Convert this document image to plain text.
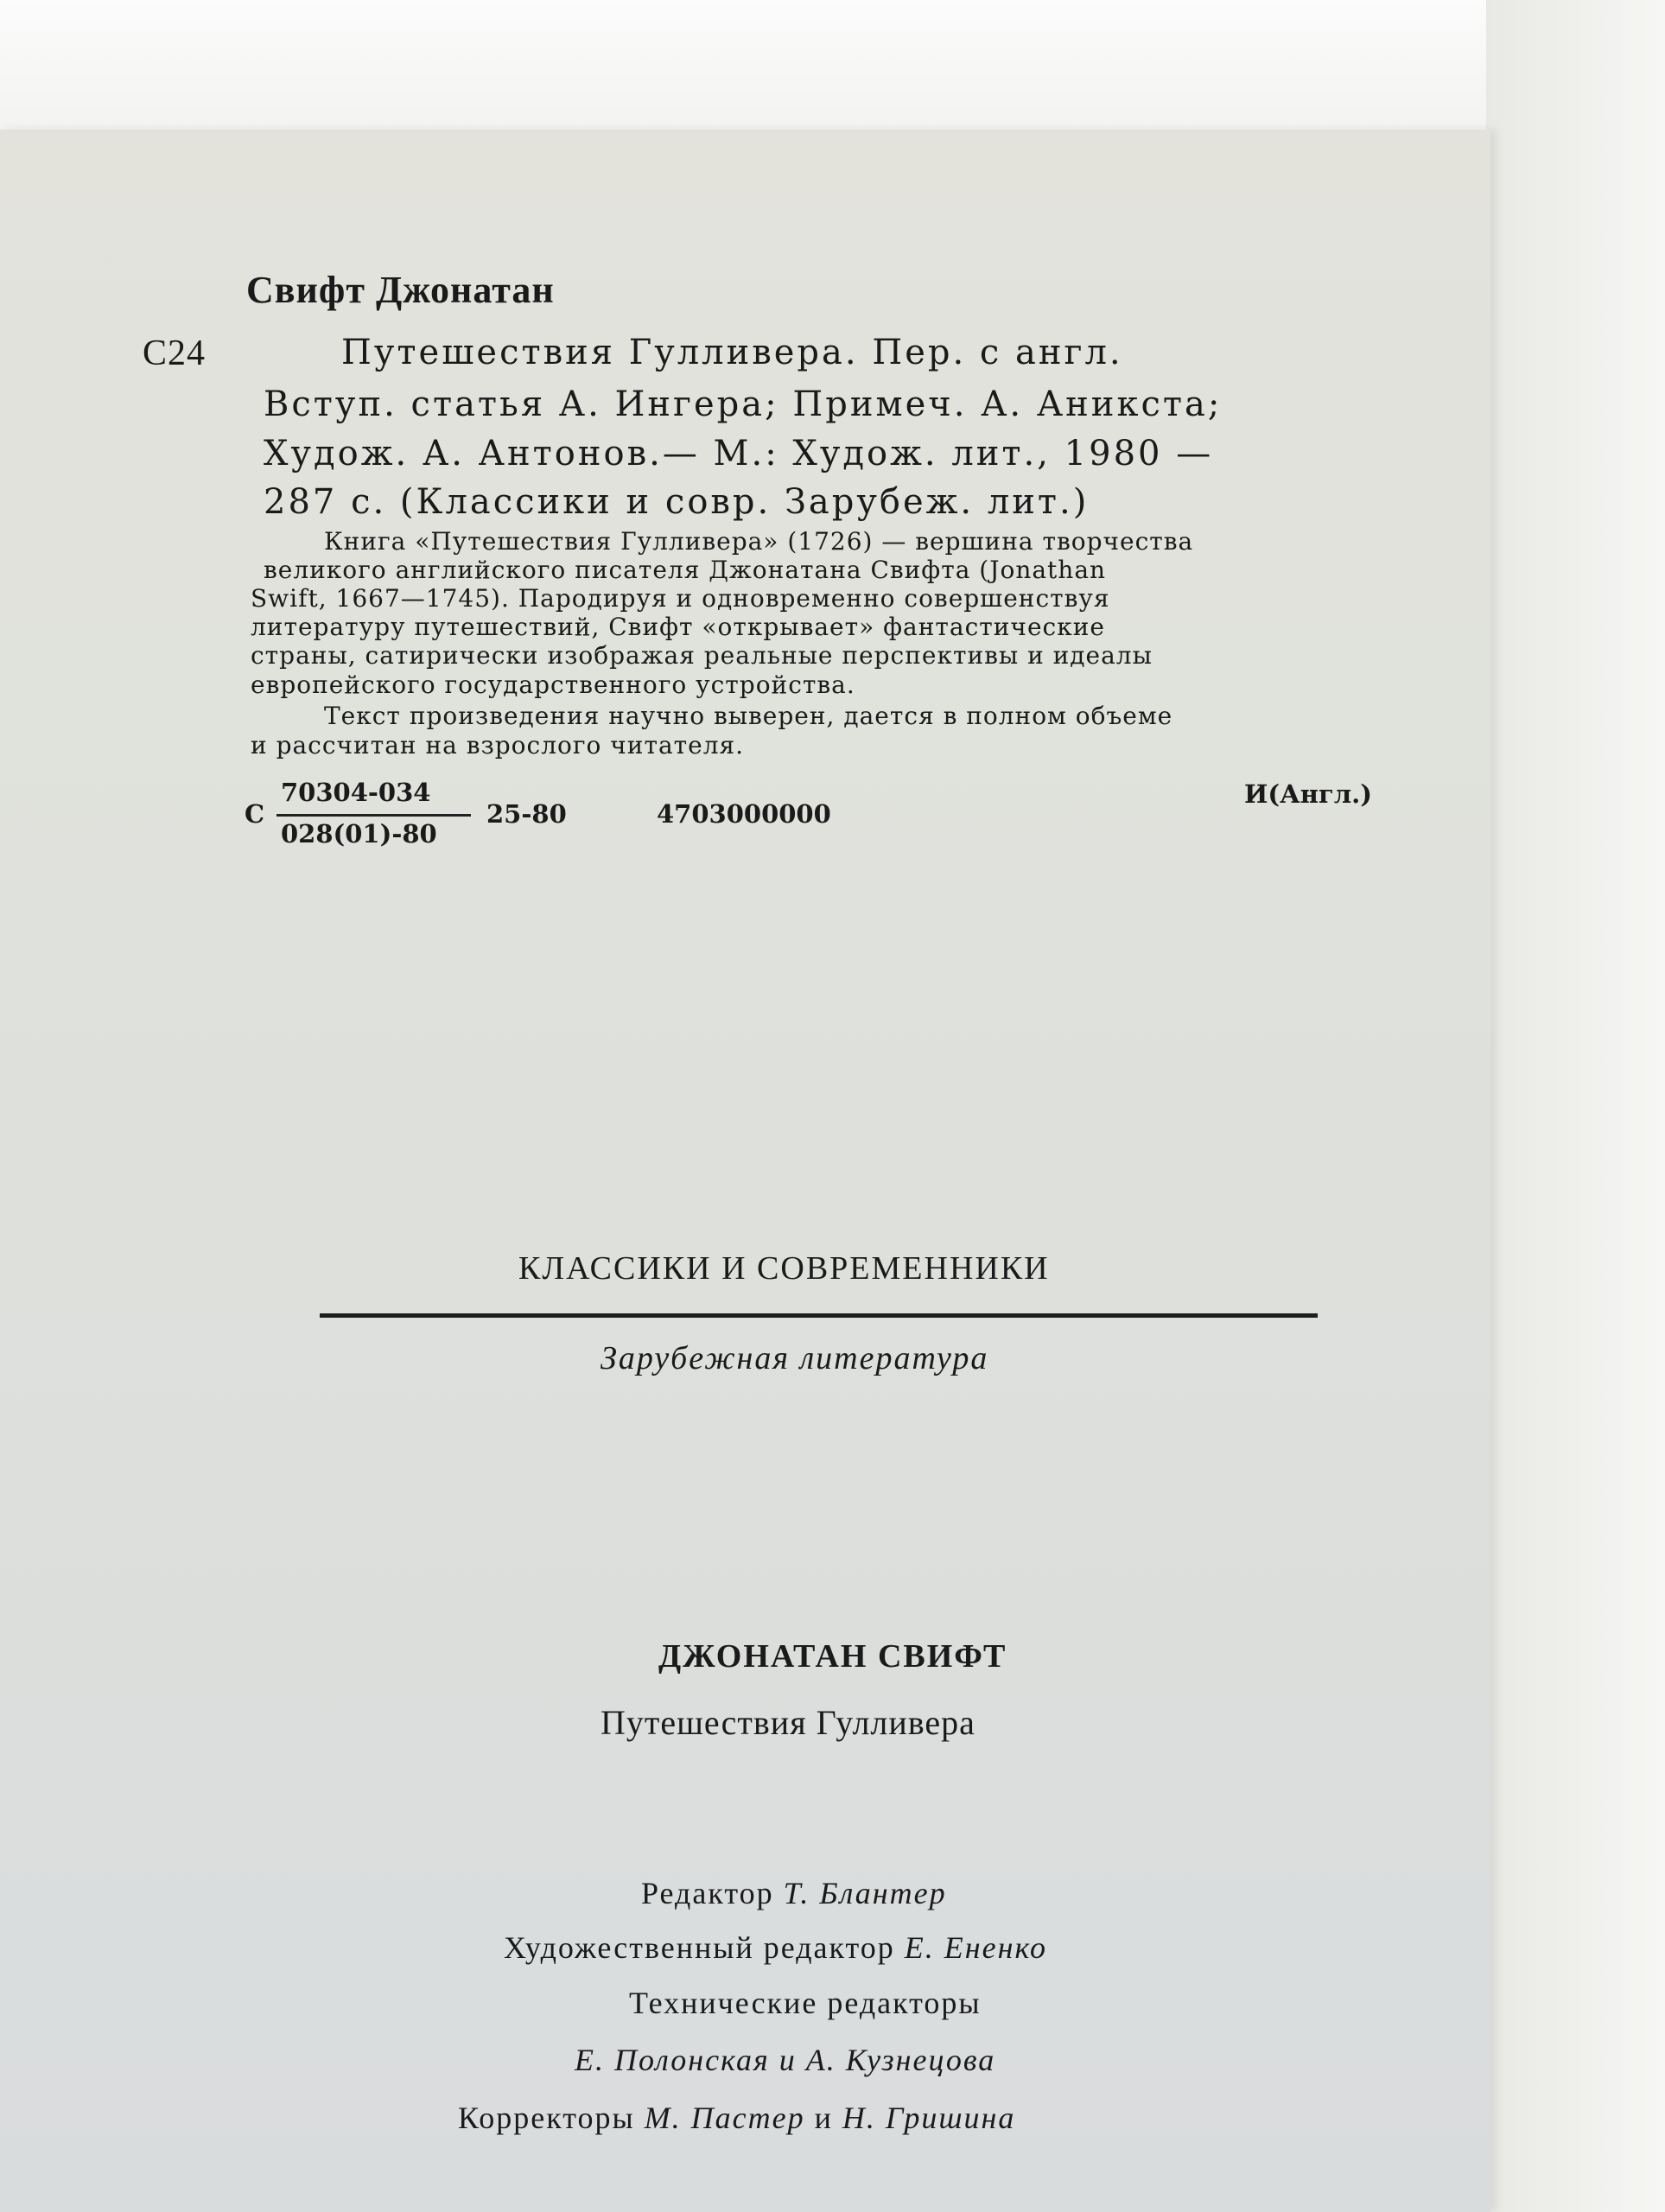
Свифт Джонатан
С24	Путешествия Гулливера. Пер. с англ.
Вступ. статья А. Ингера; Примеч. А. Аникста;
Худож. А. Антонов.— М.: Худож. лит., 1980 —
287 с. (Классики и совр. Зарубеж. лит.)
Книга «Путешествия Гулливера» (1726) — вершина творчества
великого английского писателя Джонатана Свифта (Jonathan
Swift, 1667—1745). Пародируя и одновременно совершенствуя
литературу путешествий, Свифт «открывает» фантастические
страны, сатирически изображая реальные перспективы и идеалы
европейского государственного устройства.
Текст произведения научно выверен, дается в полном объеме
и рассчитан на взрослого читателя.
С
70304-034
028(01)-80
25-80	4703000000
И(Англ.)
КЛАССИКИ И СОВРЕМЕННИКИ
Зарубежная литература
ДЖОНАТАН СВИФТ
Путешествия Гулливера
Редактор Т. Блантер
Художественный редактор Е. Ененко
Технические редакторы
Е. Полонская и А. Кузнецова
Корректоры М. Пастер и Н. Гришина
